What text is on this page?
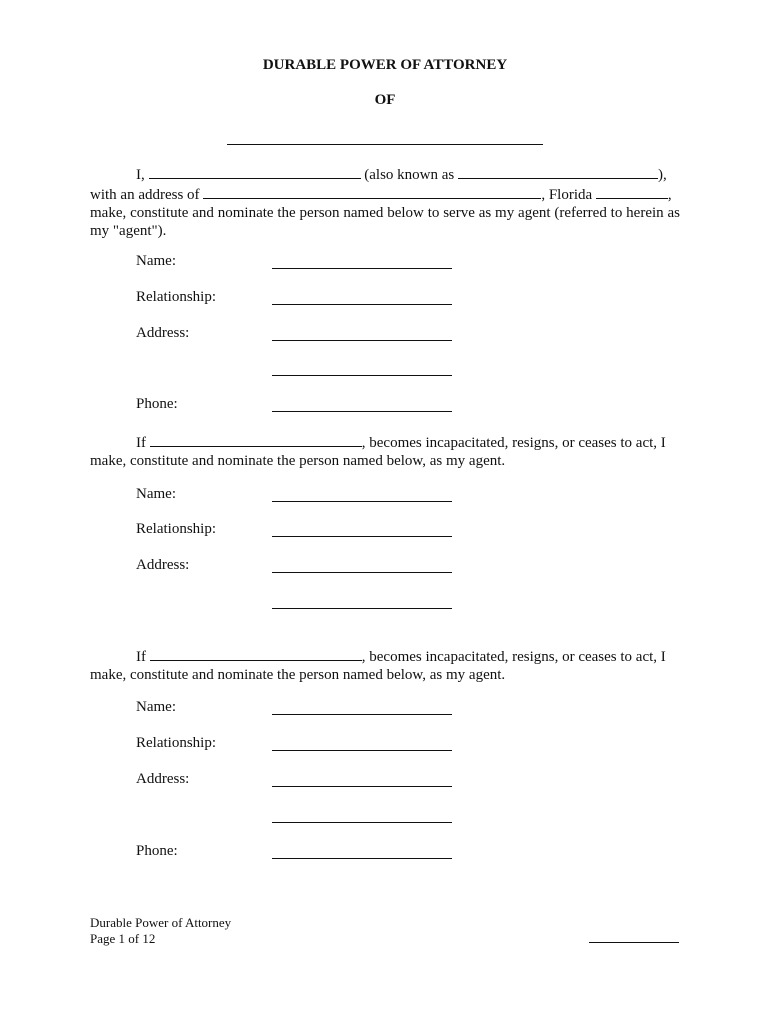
DURABLE POWER OF ATTORNEY
OF
I,	(also known as	),
with an address of	, Florida	,
make, constitute and nominate the person named below to serve as my agent (referred to herein as my "agent").
Name:
Relationship:
Address:
Phone:
If	, becomes incapacitated, resigns, or ceases to act, I
make, constitute and nominate the person named below, as my agent.
Name:
Relationship:
Address:
If	, becomes incapacitated, resigns, or ceases to act, I
make, constitute and nominate the person named below, as my agent.
Name:
Relationship:
Address:
Phone:
Durable Power of Attorney
Page 1 of 12
